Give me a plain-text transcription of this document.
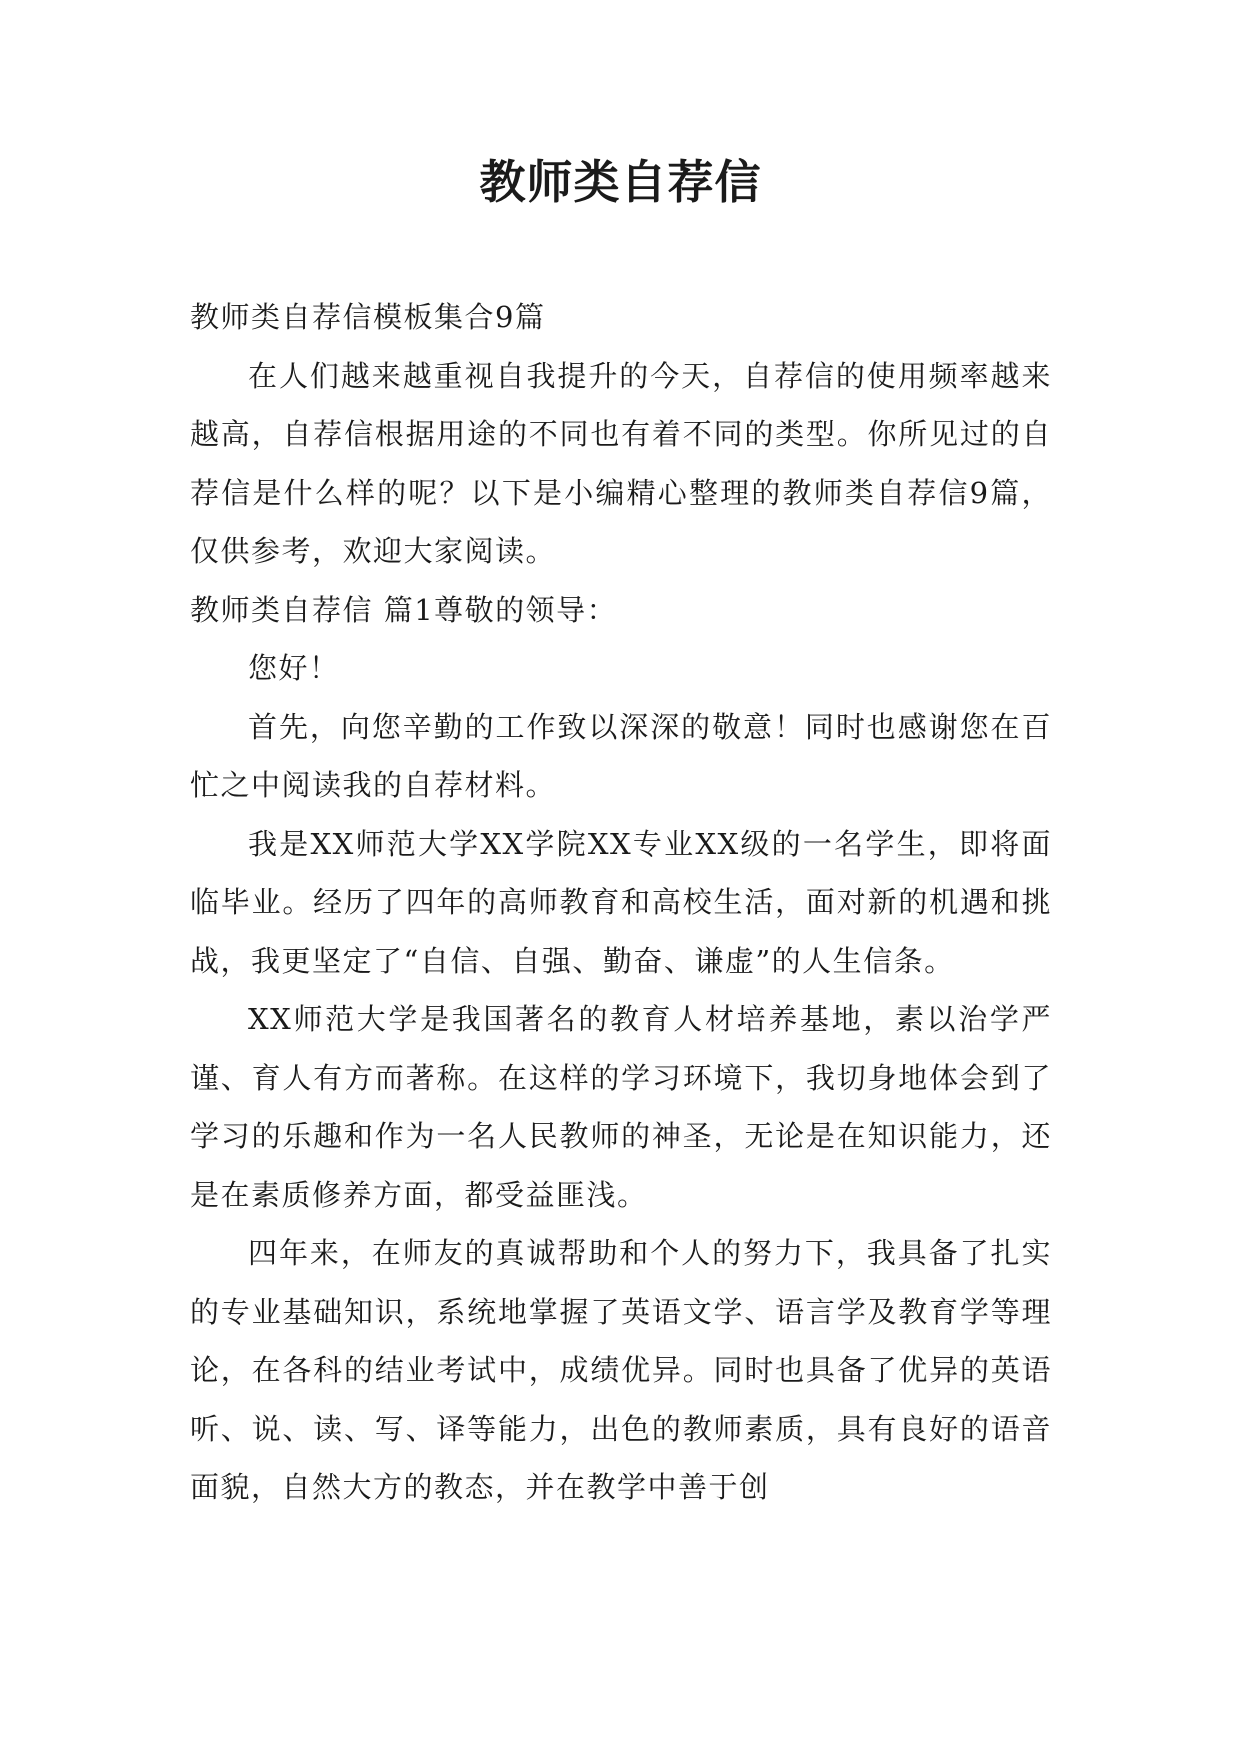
教师类自荐信

教师类自荐信模板集合9篇

在人们越来越重视自我提升的今天，自荐信的使用频率越来越高，自荐信根据用途的不同也有着不同的类型。你所见过的自荐信是什么样的呢？以下是小编精心整理的教师类自荐信9篇，仅供参考，欢迎大家阅读。

教师类自荐信 篇1尊敬的领导：

您好！

首先，向您辛勤的工作致以深深的敬意！同时也感谢您在百忙之中阅读我的自荐材料。

我是XX师范大学XX学院XX专业XX级的一名学生，即将面临毕业。经历了四年的高师教育和高校生活，面对新的机遇和挑战，我更坚定了“自信、自强、勤奋、谦虚”的人生信条。

XX师范大学是我国著名的教育人材培养基地，素以治学严谨、育人有方而著称。在这样的学习环境下，我切身地体会到了学习的乐趣和作为一名人民教师的神圣，无论是在知识能力，还是在素质修养方面，都受益匪浅。

四年来，在师友的真诚帮助和个人的努力下，我具备了扎实的专业基础知识，系统地掌握了英语文学、语言学及教育学等理论，在各科的结业考试中，成绩优异。同时也具备了优异的英语听、说、读、写、译等能力，出色的教师素质，具有良好的语音面貌，自然大方的教态，并在教学中善于创
